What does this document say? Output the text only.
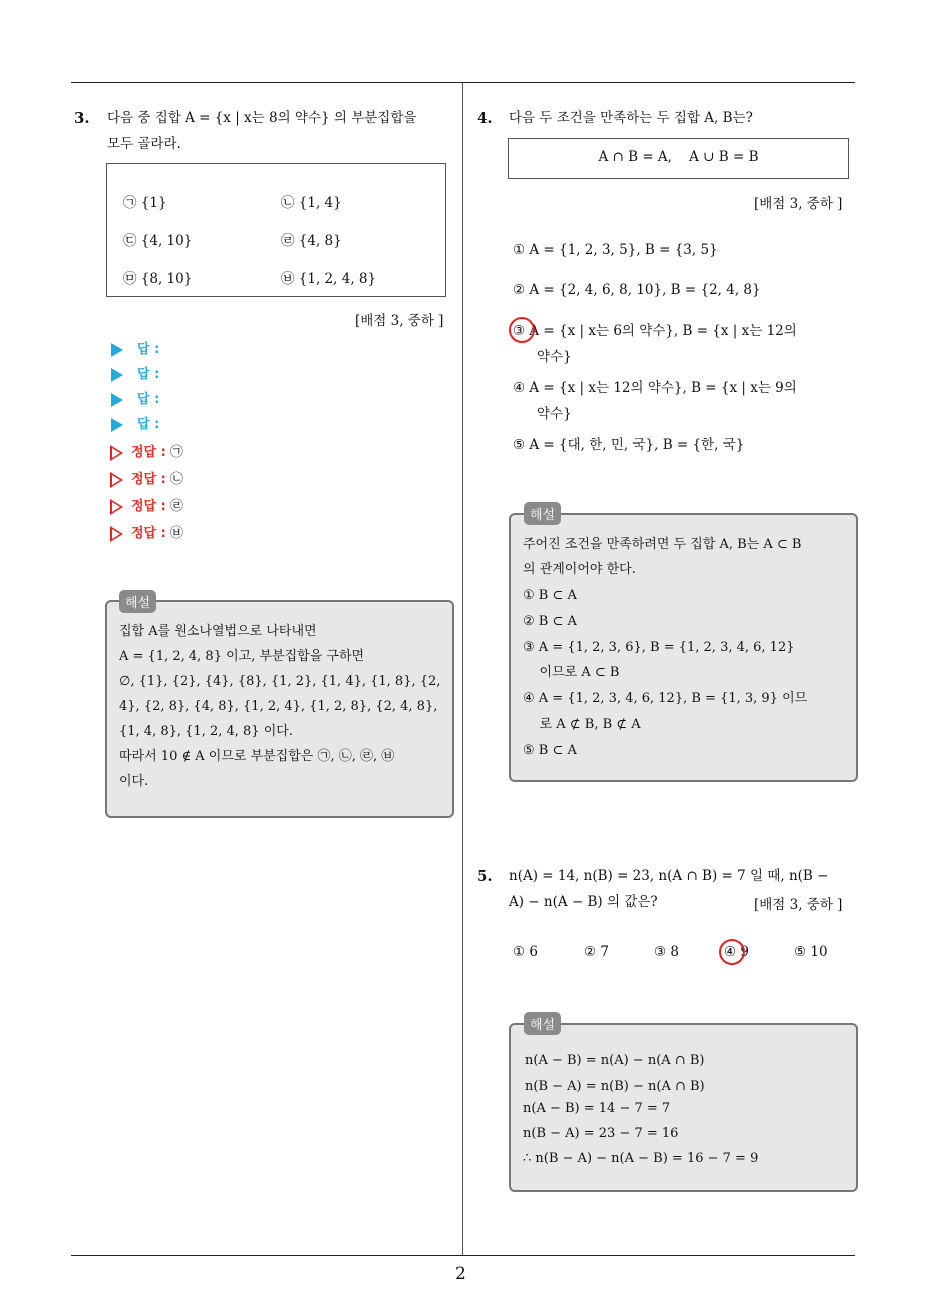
2
3. 다음 중 집합 A = {x | x는 8의 약수} 의 부분집합을
모두 골라라.
㉠ {1}	㉡ {1, 4}
㉢ {4, 10}	㉣ {4, 8}
㉤ {8, 10}	㉥ {1, 2, 4, 8}
[배점 3, 중하 ]
답 :
답 :
답 :
답 :
정답 : ㉠
정답 : ㉡
정답 : ㉣
정답 : ㉥
집합 A를 원소나열법으로 나타내면
A = {1, 2, 4, 8} 이고, 부분집합을 구하면
∅, {1}, {2}, {4}, {8}, {1, 2}, {1, 4}, {1, 8}, {2,
4}, {2, 8}, {4, 8}, {1, 2, 4}, {1, 2, 8}, {2, 4, 8},
{1, 4, 8}, {1, 2, 4, 8} 이다.
따라서 10 ∉ A 이므로 부분집합은 ㉠, ㉡, ㉣, ㉥
이다.
해설
4. 다음 두 조건을 만족하는 두 집합 A, B는?
A ∩ B = A,    A ∪ B = B
[배점 3, 중하 ]
① A = {1, 2, 3, 5}, B = {3, 5}
② A = {2, 4, 6, 8, 10}, B = {2, 4, 8}
③ A = {x | x는 6의 약수}, B = {x | x는 12의
약수}
④ A = {x | x는 12의 약수}, B = {x | x는 9의
약수}
⑤ A = {대, 한, 민, 국}, B = {한, 국}
주어진 조건을 만족하려면 두 집합 A, B는 A ⊂ B
의 관계이어야 한다.
① B ⊂ A
② B ⊂ A
③ A = {1, 2, 3, 6}, B = {1, 2, 3, 4, 6, 12}
이므로 A ⊂ B
④ A = {1, 2, 3, 4, 6, 12}, B = {1, 3, 9} 이므
로 A ⊄ B, B ⊄ A
⑤ B ⊂ A
해설
5. n(A) = 14, n(B) = 23, n(A ∩ B) = 7 일 때, n(B −
A) − n(A − B) 의 값은?	[배점 3, 중하 ]
① 6	② 7	③ 8	④ 9	⑤ 10
n(A − B) = n(A) − n(A ∩ B)
n(B − A) = n(B) − n(A ∩ B)
n(A − B) = 14 − 7 = 7
n(B − A) = 23 − 7 = 16
∴ n(B − A) − n(A − B) = 16 − 7 = 9
해설
